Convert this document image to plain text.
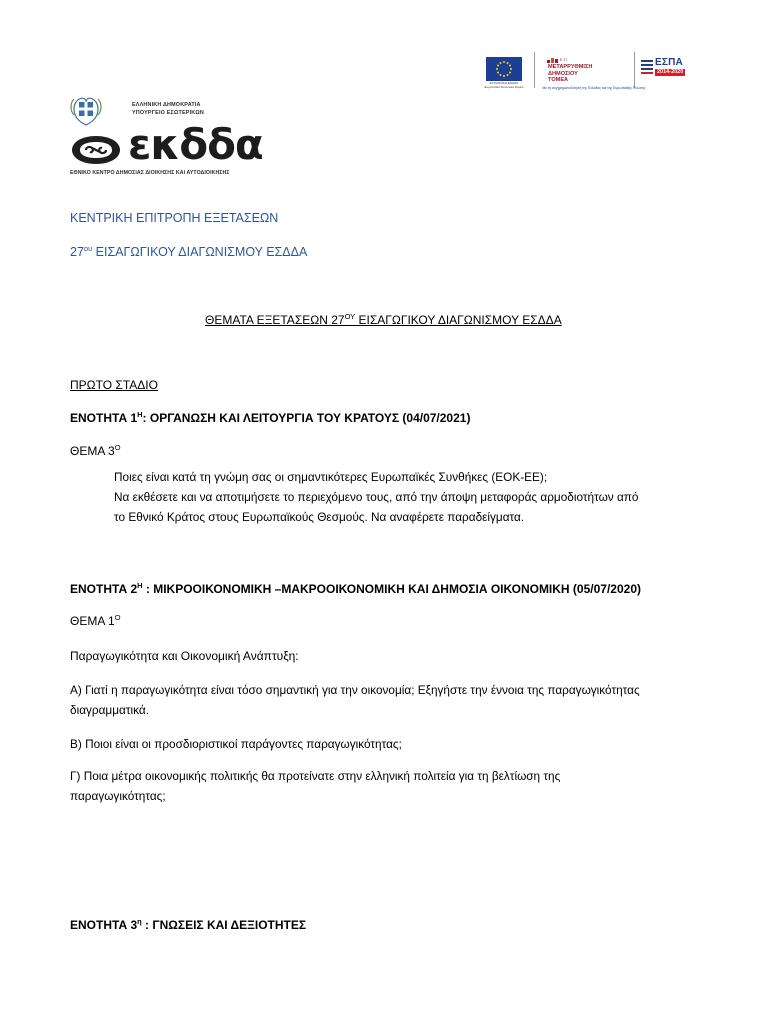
ΕΥΡΩΠΑΪΚΗ ΕΝΩΣΗ
Ευρωπαϊκό Κοινωνικό Ταμείο
Ε.Π.
ΜΕΤΑΡΡΥΘΜΙΣΗ
ΔΗΜΟΣΙΟΥ
ΤΟΜΕΑ
ΕΣΠΑ
2014-2020
Με τη συγχρηματοδότηση της Ελλάδας και της Ευρωπαϊκής Ένωσης
ΕΛΛΗΝΙΚΗ ΔΗΜΟΚΡΑΤΙΑ
ΥΠΟΥΡΓΕΙΟ ΕΣΩΤΕΡΙΚΩΝ
εκδδα
ΕΘΝΙΚΟ ΚΕΝΤΡΟ ΔΗΜΟΣΙΑΣ ΔΙΟΙΚΗΣΗΣ ΚΑΙ ΑΥΤΟΔΙΟΙΚΗΣΗΣ
ΚΕΝΤΡΙΚΗ ΕΠΙΤΡΟΠΗ ΕΞΕΤΑΣΕΩΝ
$27^{o\upsilon}$ ΕΙΣΑΓΩΓΙΚΟΥ ΔΙΑΓΩΝΙΣΜΟΥ ΕΣΔΔΑ
ΘΕΜΑΤΑ ΕΞΕΤΑΣΕΩΝ $27^{O\Upsilon}$ ΕΙΣΑΓΩΓΙΚΟΥ ΔΙΑΓΩΝΙΣΜΟΥ ΕΣΔΔΑ
ΠΡΩΤΟ ΣΤΑΔΙΟ
ΕΝΟΤΗΤΑ $1^H$: ΟΡΓΑΝΩΣΗ ΚΑΙ ΛΕΙΤΟΥΡΓΙΑ ΤΟΥ ΚΡΑΤΟΥΣ (04/07/2021)
ΘΕΜΑ $3^O$
Ποιες είναι κατά τη γνώμη σας οι σημαντικότερες Ευρωπαϊκές Συνθήκες (ΕΟΚ-ΕΕ);
Να εκθέσετε και να αποτιμήσετε το περιεχόμενο τους, από την άποψη μεταφοράς αρμοδιοτήτων από
το Εθνικό Κράτος στους Ευρωπαϊκούς Θεσμούς. Να αναφέρετε παραδείγματα.
ΕΝΟΤΗΤΑ $2^H$ : ΜΙΚΡΟΟΙΚΟΝΟΜΙΚΗ –ΜΑΚΡΟΟΙΚΟΝΟΜΙΚΗ ΚΑΙ ΔΗΜΟΣΙΑ ΟΙΚΟΝΟΜΙΚΗ (05/07/2020)
ΘΕΜΑ $1^O$
Παραγωγικότητα και Οικονομική Ανάπτυξη:
Α) Γιατί η παραγωγικότητα είναι τόσο σημαντική για την οικονομία; Εξηγήστε την έννοια της παραγωγικότητας
διαγραμματικά.
Β) Ποιοι είναι οι προσδιοριστικοί παράγοντες παραγωγικότητας;
Γ) Ποια μέτρα οικονομικής πολιτικής θα προτείνατε στην ελληνική πολιτεία για τη βελτίωση της
παραγωγικότητας;
ΕΝΟΤΗΤΑ $3^\eta$ : ΓΝΩΣΕΙΣ ΚΑΙ ΔΕΞΙΟΤΗΤΕΣ
